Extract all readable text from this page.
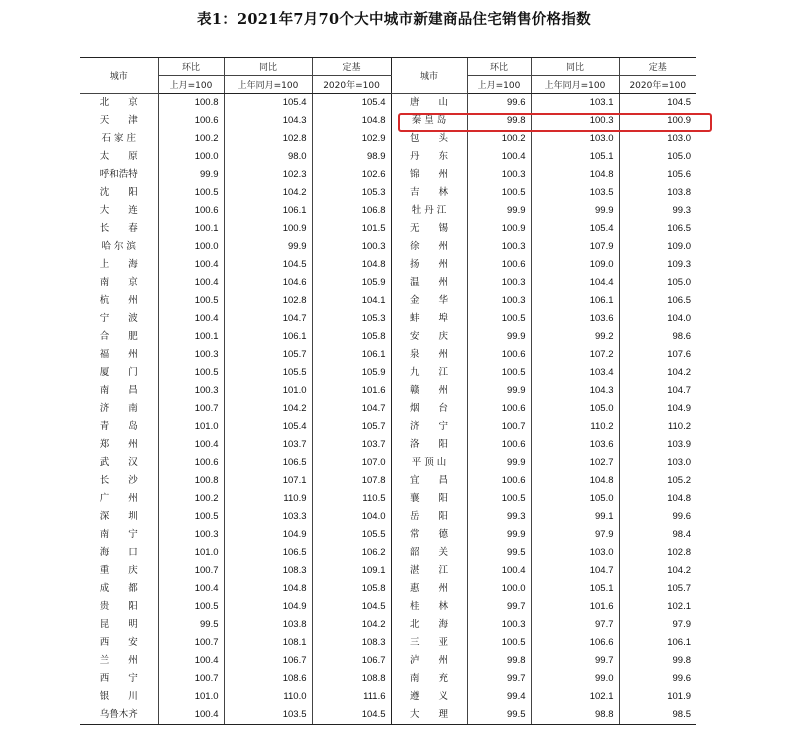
表1：2021年7月70个大中城市新建商品住宅销售价格指数
城市	环比	同比	定基	城市	环比	同比	定基
	上月=100	上年同月=100	2020年=100		上月=100	上年同月=100	2020年=100
北　　京	100.8	105.4	105.4	唐　　山	99.6	103.1	104.5
天　　津	100.6	104.3	104.8	秦 皇 岛	99.8	100.3	100.9
石 家 庄	100.2	102.8	102.9	包　　头	100.2	103.0	103.0
太　　原	100.0	98.0	98.9	丹　　东	100.4	105.1	105.0
呼和浩特	99.9	102.3	102.6	锦　　州	100.3	104.8	105.6
沈　　阳	100.5	104.2	105.3	吉　　林	100.5	103.5	103.8
大　　连	100.6	106.1	106.8	牡 丹 江	99.9	99.9	99.3
长　　春	100.1	100.9	101.5	无　　锡	100.9	105.4	106.5
哈 尔 滨	100.0	99.9	100.3	徐　　州	100.3	107.9	109.0
上　　海	100.4	104.5	104.8	扬　　州	100.6	109.0	109.3
南　　京	100.4	104.6	105.9	温　　州	100.3	104.4	105.0
杭　　州	100.5	102.8	104.1	金　　华	100.3	106.1	106.5
宁　　波	100.4	104.7	105.3	蚌　　埠	100.5	103.6	104.0
合　　肥	100.1	106.1	105.8	安　　庆	99.9	99.2	98.6
福　　州	100.3	105.7	106.1	泉　　州	100.6	107.2	107.6
厦　　门	100.5	105.5	105.9	九　　江	100.5	103.4	104.2
南　　昌	100.3	101.0	101.6	赣　　州	99.9	104.3	104.7
济　　南	100.7	104.2	104.7	烟　　台	100.6	105.0	104.9
青　　岛	101.0	105.4	105.7	济　　宁	100.7	110.2	110.2
郑　　州	100.4	103.7	103.7	洛　　阳	100.6	103.6	103.9
武　　汉	100.6	106.5	107.0	平 顶 山	99.9	102.7	103.0
长　　沙	100.8	107.1	107.8	宜　　昌	100.6	104.8	105.2
广　　州	100.2	110.9	110.5	襄　　阳	100.5	105.0	104.8
深　　圳	100.5	103.3	104.0	岳　　阳	99.3	99.1	99.6
南　　宁	100.3	104.9	105.5	常　　德	99.9	97.9	98.4
海　　口	101.0	106.5	106.2	韶　　关	99.5	103.0	102.8
重　　庆	100.7	108.3	109.1	湛　　江	100.4	104.7	104.2
成　　都	100.4	104.8	105.8	惠　　州	100.0	105.1	105.7
贵　　阳	100.5	104.9	104.5	桂　　林	99.7	101.6	102.1
昆　　明	99.5	103.8	104.2	北　　海	100.3	97.7	97.9
西　　安	100.7	108.1	108.3	三　　亚	100.5	106.6	106.1
兰　　州	100.4	106.7	106.7	泸　　州	99.8	99.7	99.8
西　　宁	100.7	108.6	108.8	南　　充	99.7	99.0	99.6
银　　川	101.0	110.0	111.6	遵　　义	99.4	102.1	101.9
乌鲁木齐	100.4	103.5	104.5	大　　理	99.5	98.8	98.5
